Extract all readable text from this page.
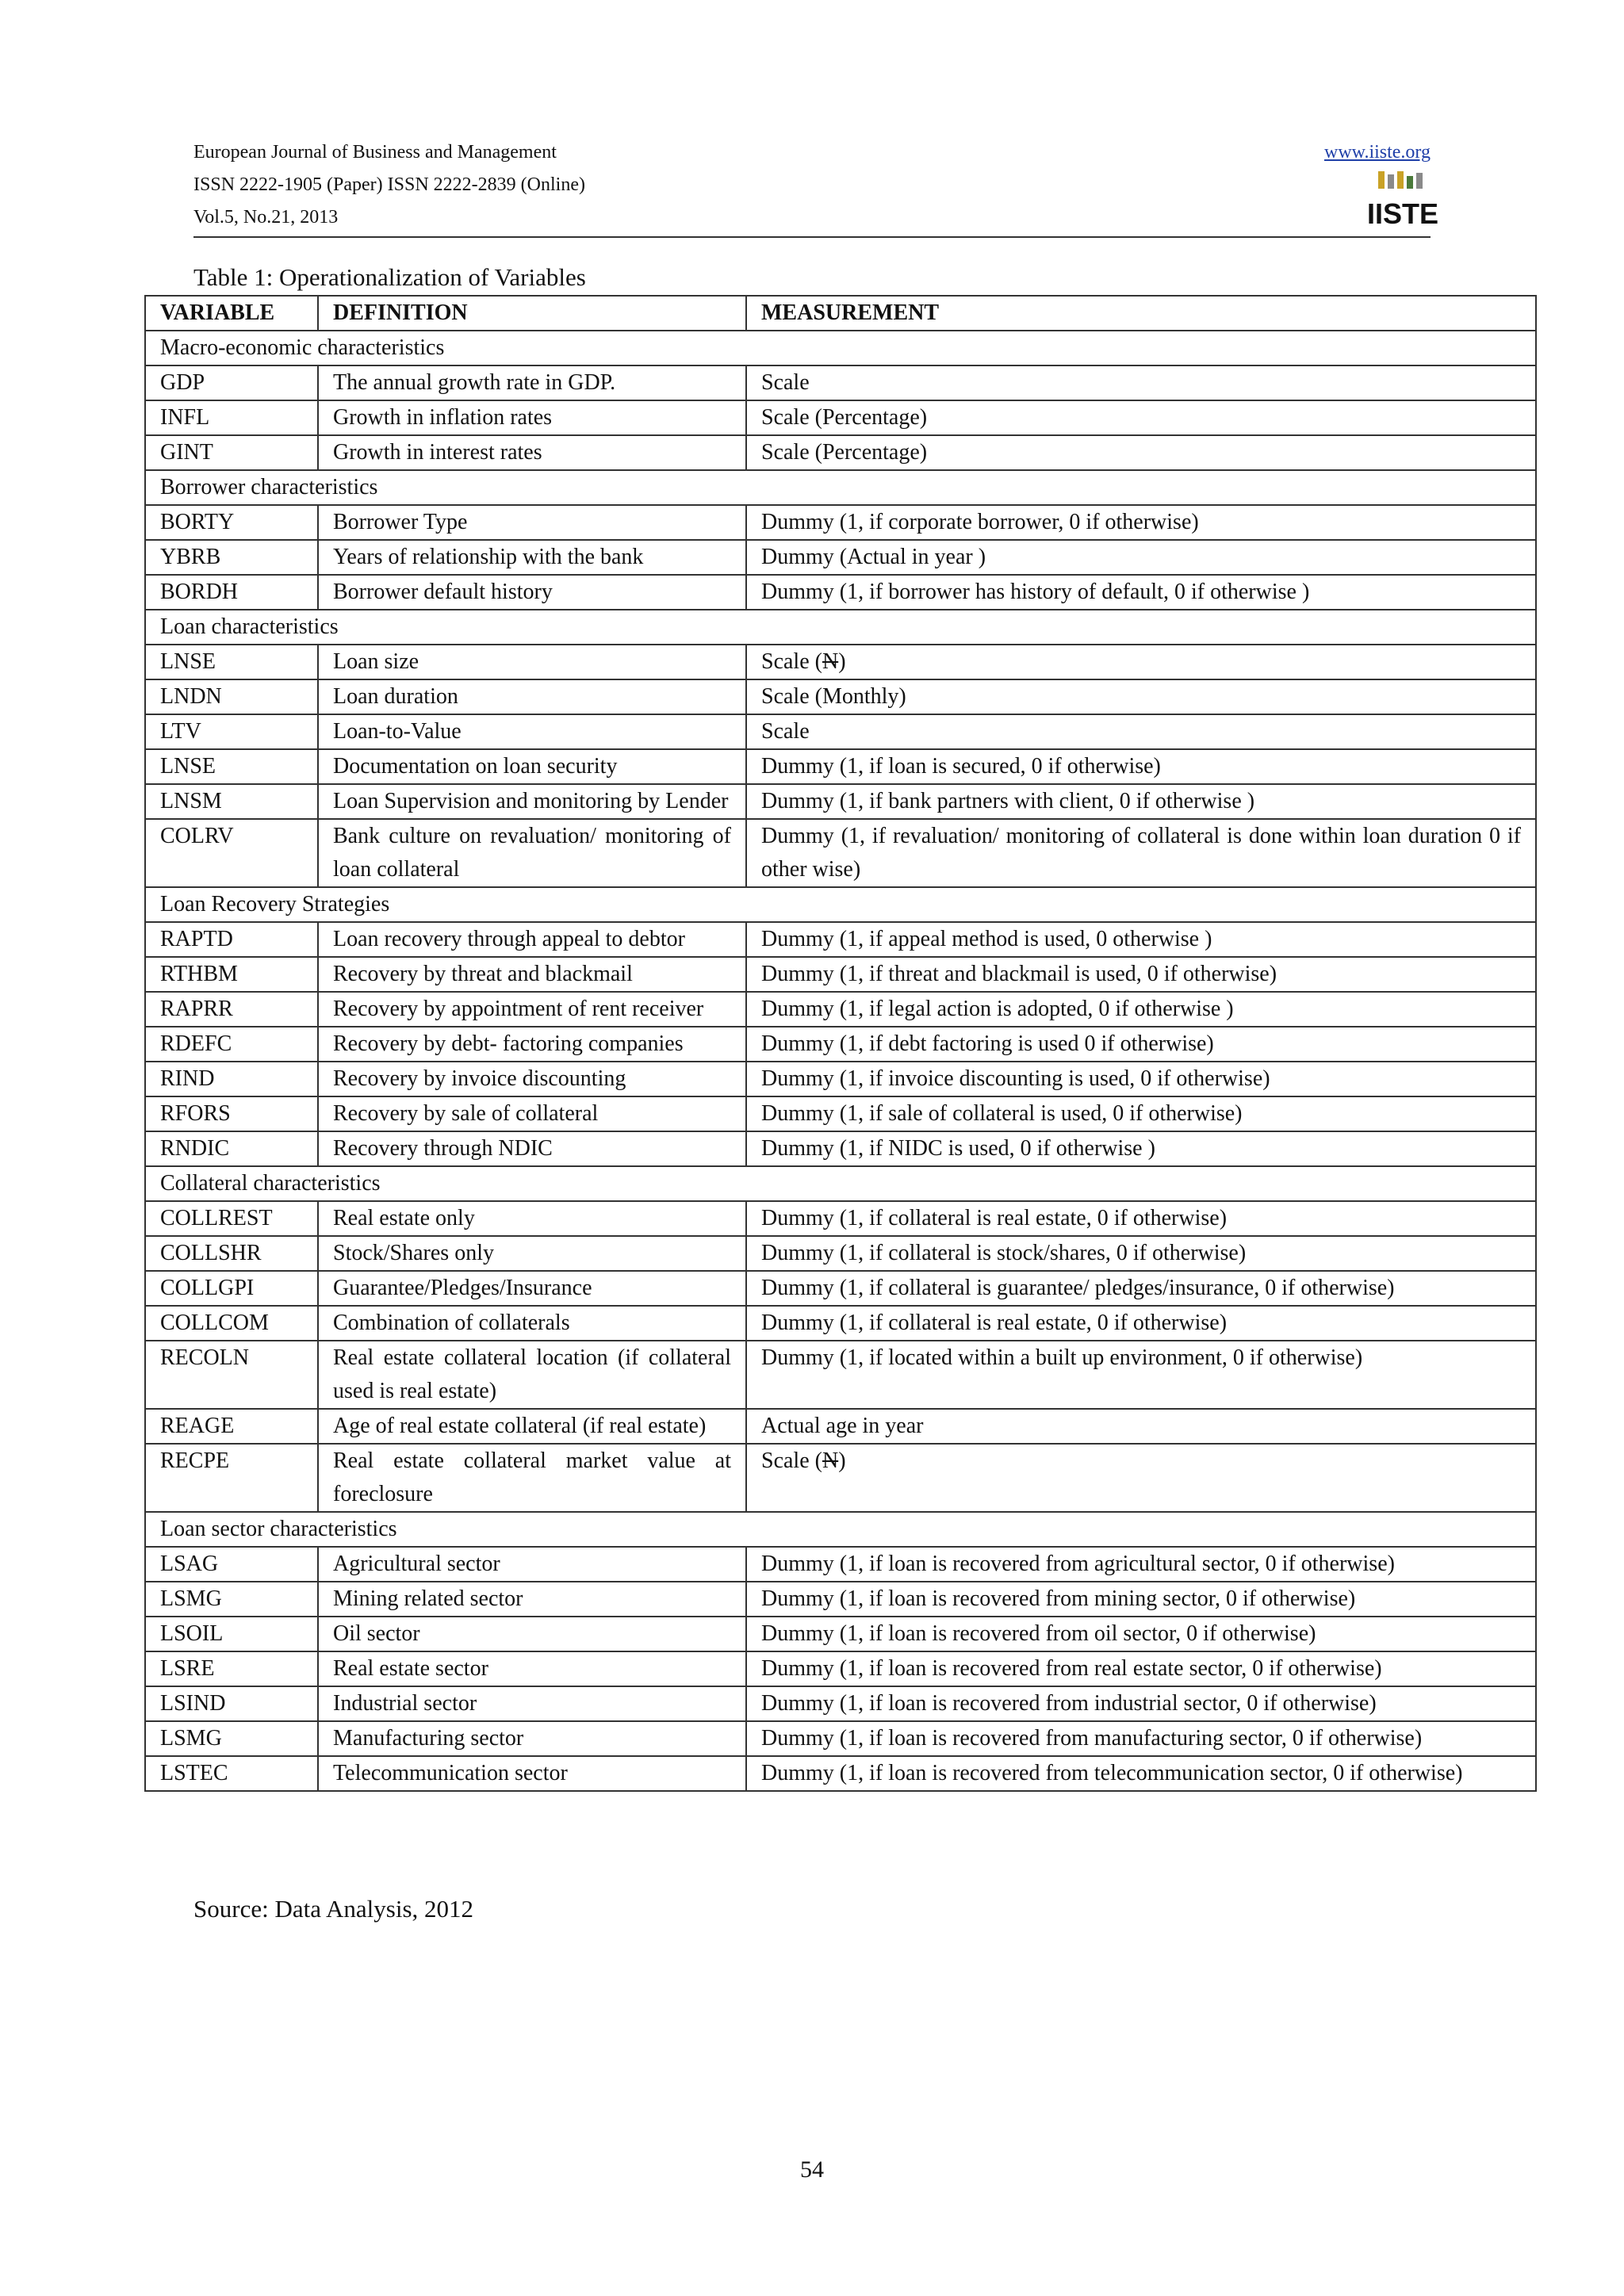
European Journal of Business and Management
ISSN 2222-1905 (Paper) ISSN 2222-2839 (Online)
Vol.5, No.21, 2013
www.iiste.org
IISTE
Table 1: Operationalization of Variables
VARIABLE	DEFINITION	MEASUREMENT
Macro-economic characteristics		
GDP	The annual growth rate in GDP.	Scale
INFL	Growth in inflation rates	Scale (Percentage)
GINT	Growth in interest rates	Scale (Percentage)
Borrower characteristics		
BORTY	Borrower Type	Dummy (1, if corporate borrower, 0 if otherwise)
YBRB	Years of relationship with the bank	Dummy (Actual in year )
BORDH	Borrower default history	Dummy (1, if borrower has history of default, 0 if otherwise )
Loan characteristics		
LNSE	Loan size	Scale (N)
LNDN	Loan duration	Scale (Monthly)
LTV	Loan-to-Value	Scale
LNSE	Documentation on loan security	Dummy (1, if loan is secured, 0 if otherwise)
LNSM	Loan Supervision and monitoring by Lender	Dummy (1, if bank partners with client, 0 if otherwise )
COLRV	Bank culture on revaluation/ monitoring of loan collateral	Dummy (1, if revaluation/ monitoring of collateral is done within loan duration 0 if other wise)
Loan Recovery Strategies		
RAPTD	Loan recovery through appeal to debtor	Dummy (1, if appeal method is used, 0 otherwise )
RTHBM	Recovery by threat and blackmail	Dummy (1, if threat and blackmail is used, 0 if otherwise)
RAPRR	Recovery by appointment of rent receiver	Dummy (1, if legal action is adopted, 0 if otherwise )
RDEFC	Recovery by debt- factoring companies	Dummy (1, if debt factoring is used 0 if otherwise)
RIND	Recovery by invoice discounting	Dummy (1, if invoice discounting is used, 0 if otherwise)
RFORS	Recovery by sale of collateral	Dummy (1, if sale of collateral is used, 0 if otherwise)
RNDIC	Recovery through NDIC	Dummy (1, if NIDC is used, 0 if otherwise )
Collateral characteristics		
COLLREST	Real estate only	Dummy (1, if collateral is real estate, 0 if otherwise)
COLLSHR	Stock/Shares only	Dummy (1, if collateral is stock/shares, 0 if otherwise)
COLLGPI	Guarantee/Pledges/Insurance	Dummy (1, if collateral is guarantee/ pledges/insurance, 0 if otherwise)
COLLCOM	Combination of collaterals	Dummy (1, if collateral is real estate, 0 if otherwise)
RECOLN	Real estate collateral location (if collateral used is real estate)	Dummy (1, if located within a built up environment, 0 if otherwise)
REAGE	Age of real estate collateral (if real estate)	Actual age in year
RECPE	Real estate collateral market value at foreclosure	Scale (N)
Loan sector characteristics		
LSAG	Agricultural sector	Dummy (1, if loan is recovered from agricultural sector, 0 if otherwise)
LSMG	Mining related sector	Dummy (1, if loan is recovered from mining sector, 0 if otherwise)
LSOIL	Oil sector	Dummy (1, if loan is recovered from oil sector, 0 if otherwise)
LSRE	Real estate sector	Dummy (1, if loan is recovered from real estate sector, 0 if otherwise)
LSIND	Industrial sector	Dummy (1, if loan is recovered from industrial sector, 0 if otherwise)
LSMG	Manufacturing sector	Dummy (1, if loan is recovered from manufacturing sector, 0 if otherwise)
LSTEC	Telecommunication sector	Dummy (1, if loan is recovered from telecommunication sector, 0 if otherwise)
Source: Data Analysis, 2012
54
